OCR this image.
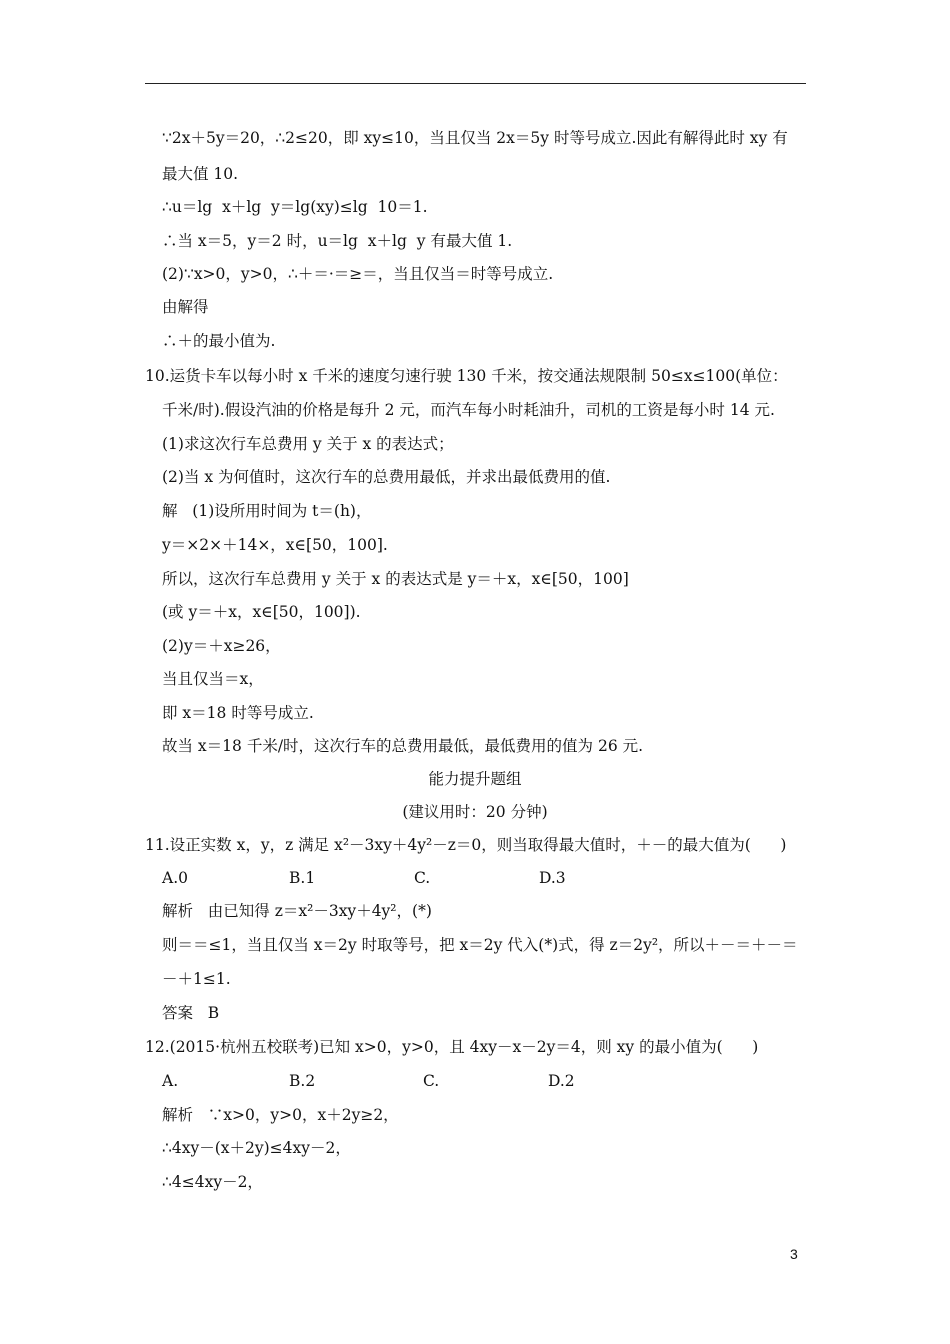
∵2x＋5y＝20，∴2≤20，即 xy≤10，当且仅当 2x＝5y 时等号成立.因此有解得此时 xy 有
最大值 10.
∴u＝lg  x＋lg  y＝lg(xy)≤lg  10＝1.
∴当 x＝5，y＝2 时，u＝lg  x＋lg  y 有最大值 1.
(2)∵x>0，y>0，∴＋＝·＝≥＝，当且仅当＝时等号成立.
由解得
∴＋的最小值为.
10.运货卡车以每小时 x 千米的速度匀速行驶 130 千米，按交通法规限制 50≤x≤100(单位：
千米/时).假设汽油的价格是每升 2 元，而汽车每小时耗油升，司机的工资是每小时 14 元.
(1)求这次行车总费用 y 关于 x 的表达式；
(2)当 x 为何值时，这次行车的总费用最低，并求出最低费用的值.
解   (1)设所用时间为 t＝(h)，
y＝×2×＋14×，x∈[50，100].
所以，这次行车总费用 y 关于 x 的表达式是 y＝＋x，x∈[50，100]
(或 y＝＋x，x∈[50，100]).
(2)y＝＋x≥26，
当且仅当＝x，
即 x＝18 时等号成立.
故当 x＝18 千米/时，这次行车的总费用最低，最低费用的值为 26 元.
能力提升题组
(建议用时：20 分钟)
11.设正实数 x，y，z 满足 x²－3xy＋4y²－z＝0，则当取得最大值时，＋－的最大值为(      )
A.0	B.1	C.	D.3
解析   由已知得 z＝x²－3xy＋4y²，(*)
则＝＝≤1，当且仅当 x＝2y 时取等号，把 x＝2y 代入(*)式，得 z＝2y²，所以＋－＝＋－＝
－＋1≤1.
答案   B
12.(2015·杭州五校联考)已知 x>0，y>0，且 4xy－x－2y＝4，则 xy 的最小值为(      )
A.	B.2	C.	D.2
解析   ∵x>0，y>0，x＋2y≥2，
∴4xy－(x＋2y)≤4xy－2，
∴4≤4xy－2，
3
